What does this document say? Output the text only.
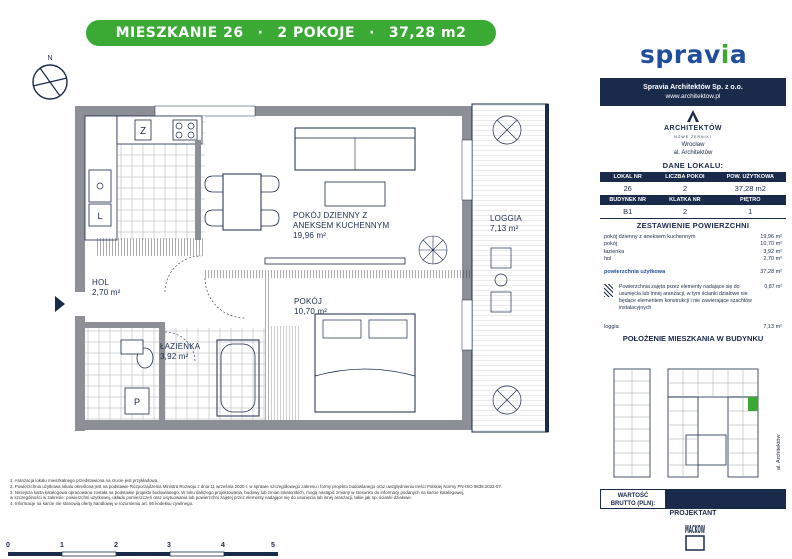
MIESZKANIE 26 · 2 POKOJE · 37,28 m2
N
Z
L
P
POKÓJ DZIENNY Z
ANEKSEM KUCHENNYM
19,96 m²
LOGGIA
7,13 m²
HOL
2,70 m²
POKÓJ
10,70 m²
ŁAZIENKA
3,92 m²
spravia
Spravia Architektów Sp. z o.o.
www.architektow.pl
ARCHITEKTÓW
NOWE ŻERNIKI
Wrocław
al. Architektów
DANE LOKALU:
LOKAL NR	LICZBA POKOI	POW. UŻYTKOWA
26	2	37,28 m2
BUDYNEK NR	KLATKA NR	PIĘTRO
B1	2	1
ZESTAWIENIE POWIERZCHNI
pokój dzienny z aneksem kuchennym	19,96 m²
pokój	10,70 m²
łazienka	3,92 m²
hol	2,70 m²
powierzchnia użytkowa	37,28 m²
Powierzchnia zajęta przez elementy nadające się do usunięcia lub innej aranżacji, w tym ścianki działowe nie będące elementem konstrukcji i nie zawierające szachtów instalacyjnych
0,87 m²
loggia	7,13 m²
POŁOŻENIE MIESZKANIA W BUDYNKU
al. Architektów
WARTOŚĆ
BRUTTO (PLN):
PROJEKTANT
MACKOW
1. Aranżacja lokalu mieszkalnego przedstawiona na rzucie jest przykładowa.
2. Powierzchnia użytkowa lokalu określona jest na podstawie Rozporządzenia Ministra Rozwoju z dnia 11 września 2020 r. w sprawie szczegółowego zakresu i formy projektu budowlanego oraz uwzględnieniu treści Polskiej Normy PN-ISO 9836:2022-07.
3. Niniejsza karta katalogowa opracowana została na podstawie projektu budowlanego. W toku dalszego projektowania, budowy lub zmian lokatorskich, mogą nastąpić zmiany w stosunku do informacji podanych na karcie katalogowej,
w szczególności w zakresie: powierzchni użytkowej, układu pomieszczeń oraz usytuowania lub powierzchni zajętej przez elementy nadające się do usunięcia lub innej aranżacji, takie jak np. ścianki działowe.
4. Informacje na karcie nie stanowią oferty handlowej w rozumieniu art. 66 kodeksu cywilnego.
0	1	2	3	4	5
